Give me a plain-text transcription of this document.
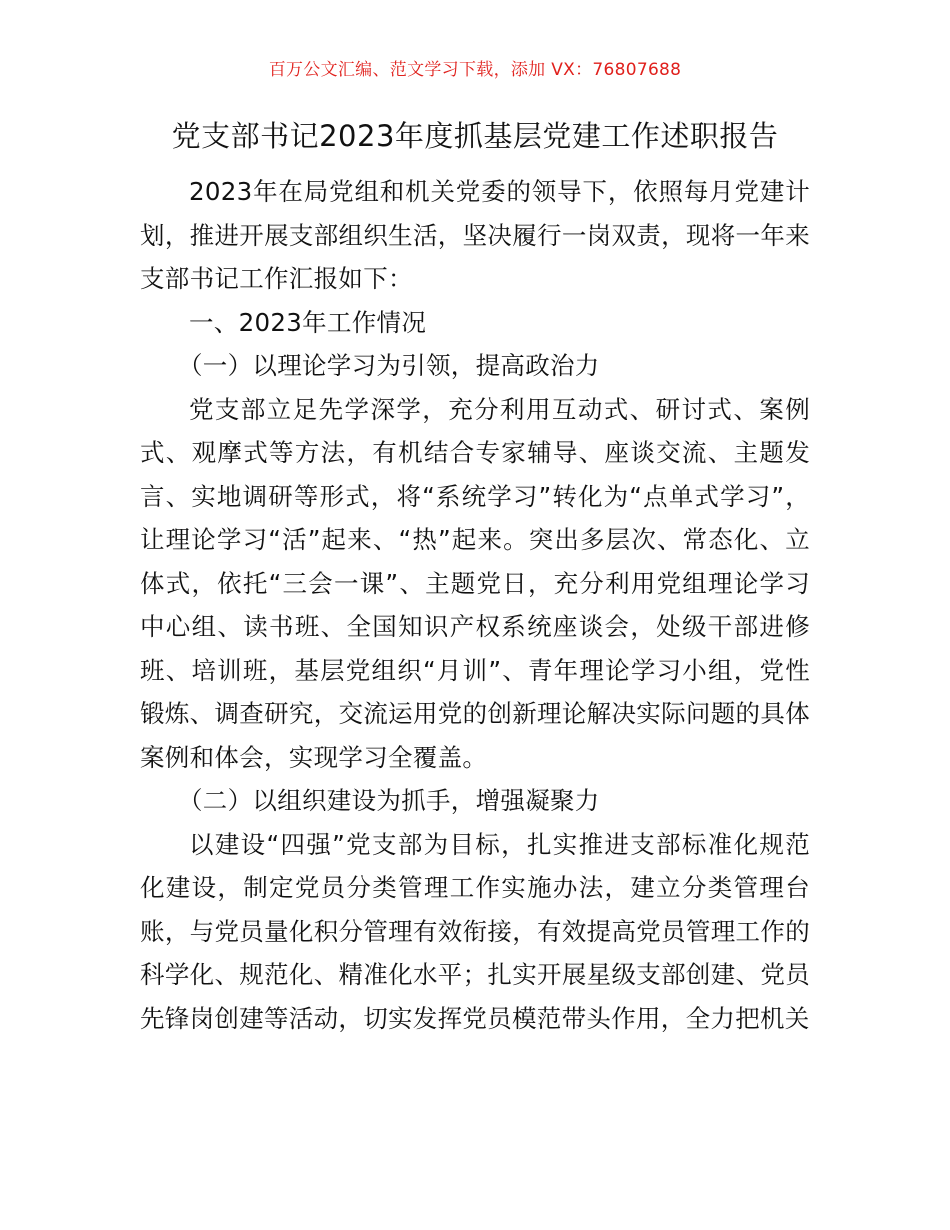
百万公文汇编、范文学习下载，添加 VX：76807688
党支部书记2023年度抓基层党建工作述职报告

2023年在局党组和机关党委的领导下，依照每月党建计划，推进开展支部组织生活，坚决履行一岗双责，现将一年来支部书记工作汇报如下：

一、2023年工作情况

（一）以理论学习为引领，提高政治力

党支部立足先学深学，充分利用互动式、研讨式、案例式、观摩式等方法，有机结合专家辅导、座谈交流、主题发言、实地调研等形式，将“系统学习”转化为“点单式学习”，让理论学习“活”起来、“热”起来。突出多层次、常态化、立体式，依托“三会一课”、主题党日，充分利用党组理论学习中心组、读书班、全国知识产权系统座谈会，处级干部进修班、培训班，基层党组织“月训”、青年理论学习小组，党性锻炼、调查研究，交流运用党的创新理论解决实际问题的具体案例和体会，实现学习全覆盖。

（二）以组织建设为抓手，增强凝聚力

以建设“四强”党支部为目标，扎实推进支部标准化规范化建设，制定党员分类管理工作实施办法，建立分类管理台账，与党员量化积分管理有效衔接，有效提高党员管理工作的科学化、规范化、精准化水平；扎实开展星级支部创建、党员先锋岗创建等活动，切实发挥党员模范带头作用，全力把机关
